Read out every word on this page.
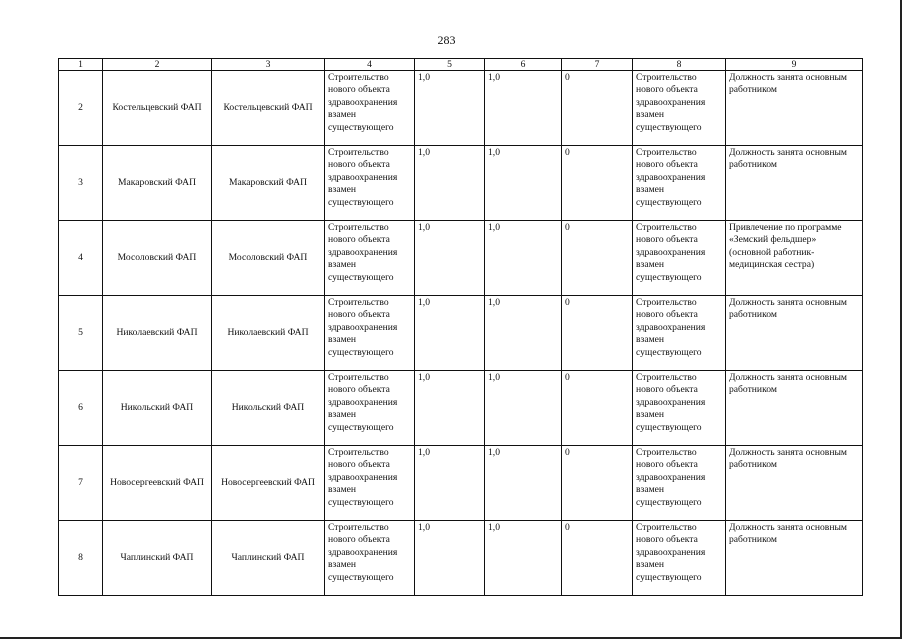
283
1	2	3	4	5	6	7	8	9
2	Костельцевский ФАП	Костельцевский ФАП	Строительство нового объекта здравоохранения взамен существующего	1,0	1,0	0	Строительство нового объекта здравоохранения взамен существующего	Должность занята основным работником
3	Макаровский ФАП	Макаровский ФАП	Строительство нового объекта здравоохранения взамен существующего	1,0	1,0	0	Строительство нового объекта здравоохранения взамен существующего	Должность занята основным работником
4	Мосоловский ФАП	Мосоловский ФАП	Строительство нового объекта здравоохранения взамен существующего	1,0	1,0	0	Строительство нового объекта здравоохранения взамен существующего	Привлечение по программе «Земский фельдшер» (основной работник- медицинская сестра)
5	Николаевский ФАП	Николаевский ФАП	Строительство нового объекта здравоохранения взамен существующего	1,0	1,0	0	Строительство нового объекта здравоохранения взамен существующего	Должность занята основным работником
6	Никольский ФАП	Никольский ФАП	Строительство нового объекта здравоохранения взамен существующего	1,0	1,0	0	Строительство нового объекта здравоохранения взамен существующего	Должность занята основным работником
7	Новосергеевский ФАП	Новосергеевский ФАП	Строительство нового объекта здравоохранения взамен существующего	1,0	1,0	0	Строительство нового объекта здравоохранения взамен существующего	Должность занята основным работником
8	Чаплинский ФАП	Чаплинский ФАП	Строительство нового объекта здравоохранения взамен существующего	1,0	1,0	0	Строительство нового объекта здравоохранения взамен существующего	Должность занята основным работником
